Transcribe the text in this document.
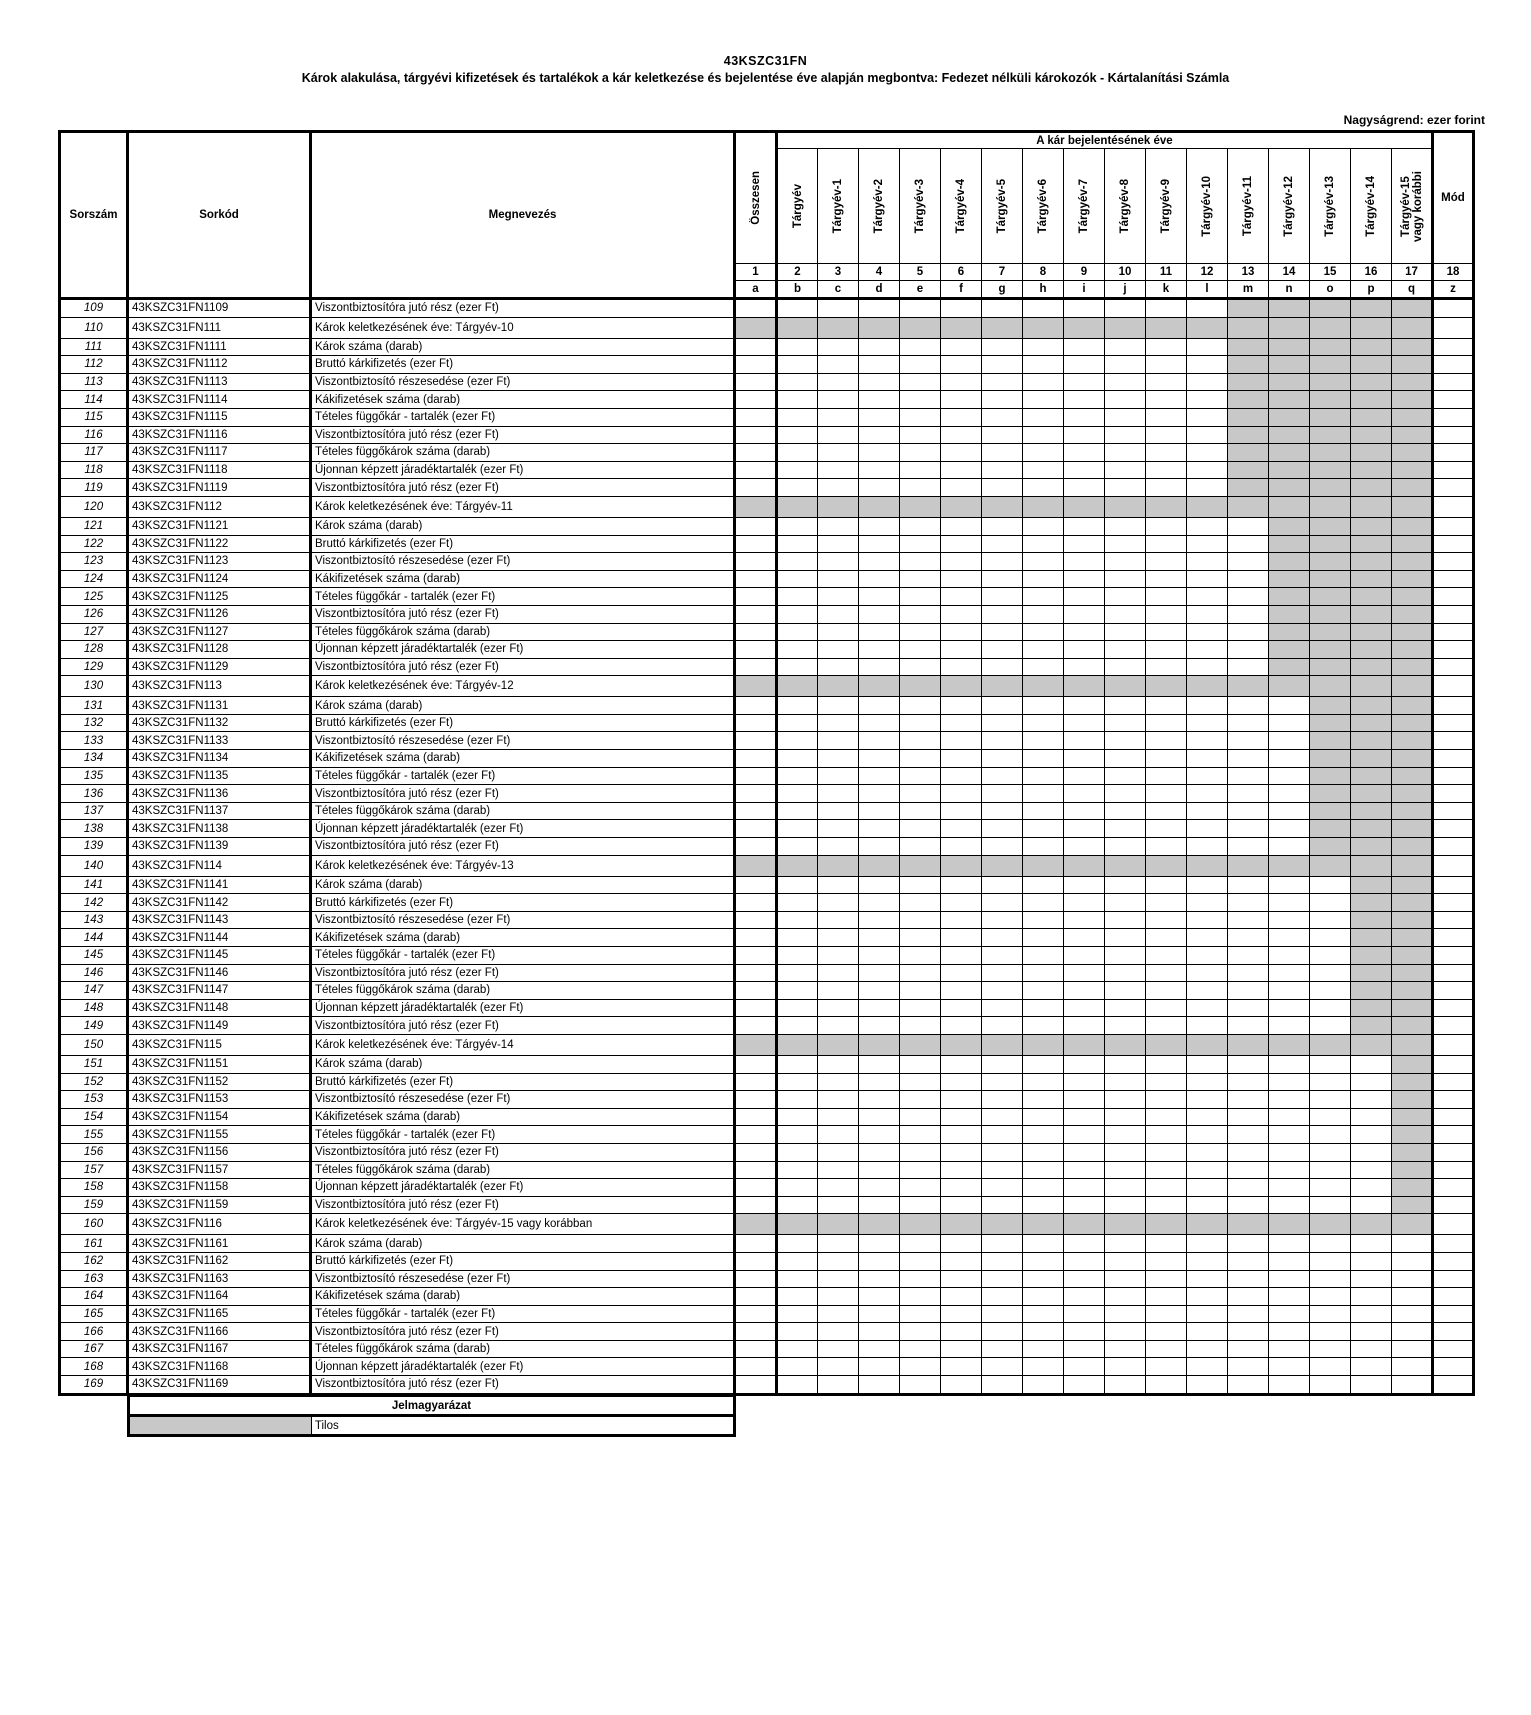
43KSZC31FN
Károk alakulása, tárgyévi kifizetések és tartalékok a kár keletkezése és bejelentése éve alapján megbontva: Fedezet nélküli károkozók - Kártalanítási Számla
Nagyságrend: ezer forint
Sorszám	Sorkód	Megnevezés	Összesen	A kár bejelentésének éve																Mód

				Tárgyév	Tárgyév-1	Tárgyév-2	Tárgyév-3	Tárgyév-4	Tárgyév-5	Tárgyév-6	Tárgyév-7	Tárgyév-8	Tárgyév-9	Tárgyév-10	Tárgyév-11	Tárgyév-12	Tárgyév-13	Tárgyév-14	Tárgyév-15
vagy korábbi	

			1	2	3	4	5	6	7	8	9	10	11	12	13	14	15	16	17	18
			a	b	c	d	e	f	g	h	i	j	k	l	m	n	o	p	q	z
109	43KSZC31FN1109	Viszontbiztosítóra jutó rész (ezer Ft)																		
110	43KSZC31FN111	Károk keletkezésének éve: Tárgyév-10																		
111	43KSZC31FN1111	Károk száma (darab)																		
112	43KSZC31FN1112	Bruttó kárkifizetés (ezer Ft)																		
113	43KSZC31FN1113	Viszontbiztosító részesedése (ezer Ft)																		
114	43KSZC31FN1114	Kákifizetések száma (darab)																		
115	43KSZC31FN1115	Tételes függőkár - tartalék (ezer Ft)																		
116	43KSZC31FN1116	Viszontbiztosítóra jutó rész (ezer Ft)																		
117	43KSZC31FN1117	Tételes függőkárok száma (darab)																		
118	43KSZC31FN1118	Újonnan képzett járadéktartalék (ezer Ft)																		
119	43KSZC31FN1119	Viszontbiztosítóra jutó rész (ezer Ft)																		
120	43KSZC31FN112	Károk keletkezésének éve: Tárgyév-11																		
121	43KSZC31FN1121	Károk száma (darab)																		
122	43KSZC31FN1122	Bruttó kárkifizetés (ezer Ft)																		
123	43KSZC31FN1123	Viszontbiztosító részesedése (ezer Ft)																		
124	43KSZC31FN1124	Kákifizetések száma (darab)																		
125	43KSZC31FN1125	Tételes függőkár - tartalék (ezer Ft)																		
126	43KSZC31FN1126	Viszontbiztosítóra jutó rész (ezer Ft)																		
127	43KSZC31FN1127	Tételes függőkárok száma (darab)																		
128	43KSZC31FN1128	Újonnan képzett járadéktartalék (ezer Ft)																		
129	43KSZC31FN1129	Viszontbiztosítóra jutó rész (ezer Ft)																		
130	43KSZC31FN113	Károk keletkezésének éve: Tárgyév-12																		
131	43KSZC31FN1131	Károk száma (darab)																		
132	43KSZC31FN1132	Bruttó kárkifizetés (ezer Ft)																		
133	43KSZC31FN1133	Viszontbiztosító részesedése (ezer Ft)																		
134	43KSZC31FN1134	Kákifizetések száma (darab)																		
135	43KSZC31FN1135	Tételes függőkár - tartalék (ezer Ft)																		
136	43KSZC31FN1136	Viszontbiztosítóra jutó rész (ezer Ft)																		
137	43KSZC31FN1137	Tételes függőkárok száma (darab)																		
138	43KSZC31FN1138	Újonnan képzett járadéktartalék (ezer Ft)																		
139	43KSZC31FN1139	Viszontbiztosítóra jutó rész (ezer Ft)																		
140	43KSZC31FN114	Károk keletkezésének éve: Tárgyév-13																		
141	43KSZC31FN1141	Károk száma (darab)																		
142	43KSZC31FN1142	Bruttó kárkifizetés (ezer Ft)																		
143	43KSZC31FN1143	Viszontbiztosító részesedése (ezer Ft)																		
144	43KSZC31FN1144	Kákifizetések száma (darab)																		
145	43KSZC31FN1145	Tételes függőkár - tartalék (ezer Ft)																		
146	43KSZC31FN1146	Viszontbiztosítóra jutó rész (ezer Ft)																		
147	43KSZC31FN1147	Tételes függőkárok száma (darab)																		
148	43KSZC31FN1148	Újonnan képzett járadéktartalék (ezer Ft)																		
149	43KSZC31FN1149	Viszontbiztosítóra jutó rész (ezer Ft)																		
150	43KSZC31FN115	Károk keletkezésének éve: Tárgyév-14																		
151	43KSZC31FN1151	Károk száma (darab)																		
152	43KSZC31FN1152	Bruttó kárkifizetés (ezer Ft)																		
153	43KSZC31FN1153	Viszontbiztosító részesedése (ezer Ft)																		
154	43KSZC31FN1154	Kákifizetések száma (darab)																		
155	43KSZC31FN1155	Tételes függőkár - tartalék (ezer Ft)																		
156	43KSZC31FN1156	Viszontbiztosítóra jutó rész (ezer Ft)																		
157	43KSZC31FN1157	Tételes függőkárok száma (darab)																		
158	43KSZC31FN1158	Újonnan képzett járadéktartalék (ezer Ft)																		
159	43KSZC31FN1159	Viszontbiztosítóra jutó rész (ezer Ft)																		
160	43KSZC31FN116	Károk keletkezésének éve: Tárgyév-15 vagy korábban																		
161	43KSZC31FN1161	Károk száma (darab)																		
162	43KSZC31FN1162	Bruttó kárkifizetés (ezer Ft)																		
163	43KSZC31FN1163	Viszontbiztosító részesedése (ezer Ft)																		
164	43KSZC31FN1164	Kákifizetések száma (darab)																		
165	43KSZC31FN1165	Tételes függőkár - tartalék (ezer Ft)																		
166	43KSZC31FN1166	Viszontbiztosítóra jutó rész (ezer Ft)																		
167	43KSZC31FN1167	Tételes függőkárok száma (darab)																		
168	43KSZC31FN1168	Újonnan képzett járadéktartalék (ezer Ft)																		
169	43KSZC31FN1169	Viszontbiztosítóra jutó rész (ezer Ft)																		
Jelmagyarázat
	Tilos
